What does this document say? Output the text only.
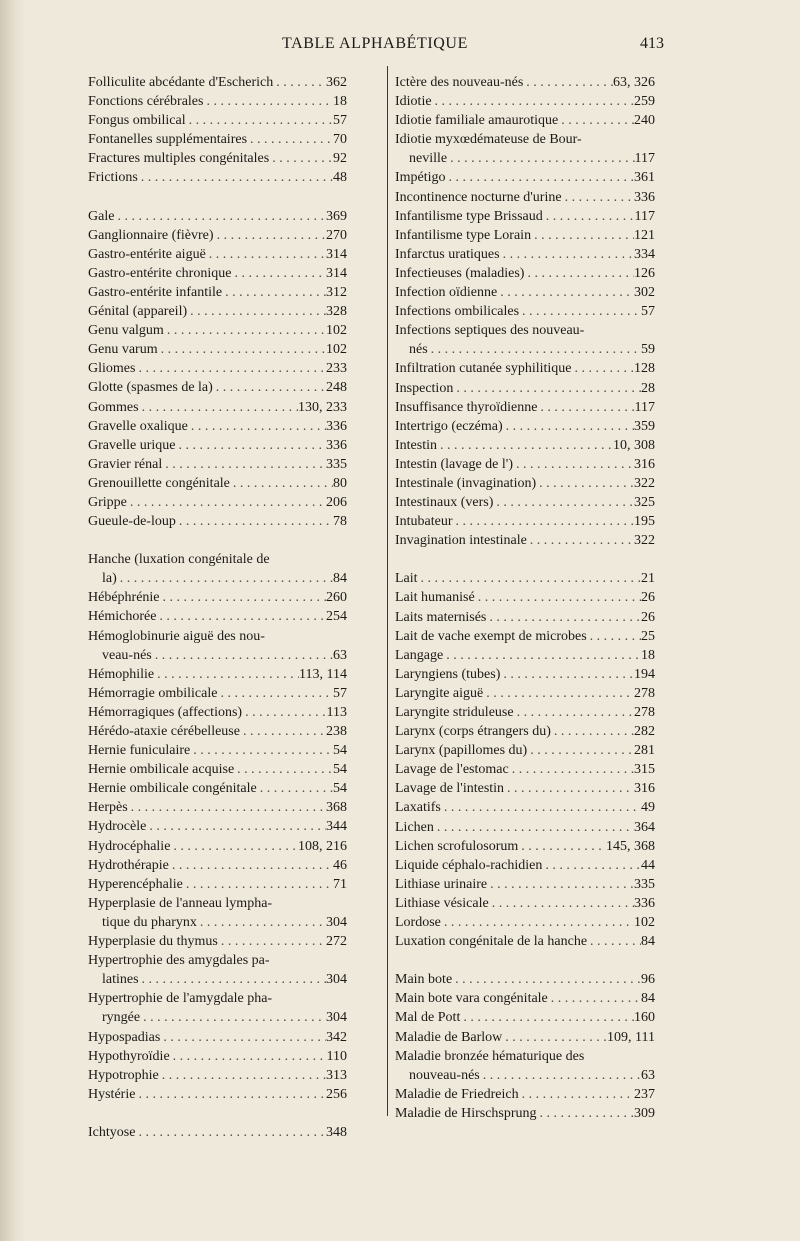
TABLE ALPHABÉTIQUE	413
Folliculite abcédante d'Escherich . . .	362
Fonctions cérébrales . . .	18
Fongus ombilical . . .	57
Fontanelles supplémentaires . . .	70
Fractures multiples congénitales . . .	92
Frictions . . .	48
Gale . . .	369
Ganglionnaire (fièvre) . . .	270
Gastro-entérite aiguë . . .	314
Gastro-entérite chronique . . .	314
Gastro-entérite infantile . . .	312
Génital (appareil) . . .	328
Genu valgum . . .	102
Genu varum . . .	102
Gliomes . . .	233
Glotte (spasmes de la) . . .	248
Gommes . . .	130, 233
Gravelle oxalique . . .	336
Gravelle urique . . .	336
Gravier rénal . . .	335
Grenouillette congénitale . . .	80
Grippe . . .	206
Gueule-de-loup . . .	78
Hanche (luxation congénitale de
la) . . .	84
Hébéphrénie . . .	260
Hémichorée . . .	254
Hémoglobinurie aiguë des nou-
veau-nés . . .	63
Hémophilie . . .	113, 114
Hémorragie ombilicale . . .	57
Hémorragiques (affections) . . .	113
Hérédo-ataxie cérébelleuse . . .	238
Hernie funiculaire . . .	54
Hernie ombilicale acquise . . .	54
Hernie ombilicale congénitale . . .	54
Herpès . . .	368
Hydrocèle . . .	344
Hydrocéphalie . . .	108, 216
Hydrothérapie . . .	46
Hyperencéphalie . . .	71
Hyperplasie de l'anneau lympha-
tique du pharynx . . .	304
Hyperplasie du thymus . . .	272
Hypertrophie des amygdales pa-
latines . . .	304
Hypertrophie de l'amygdale pha-
ryngée . . .	304
Hypospadias . . .	342
Hypothyroïdie . . .	110
Hypotrophie . . .	313
Hystérie . . .	256
Ichtyose . . .	348
Ictère des nouveau-nés . . .	63, 326
Idiotie . . .	259
Idiotie familiale amaurotique . . .	240
Idiotie myxœdémateuse de Bour-
neville . . .	117
Impétigo . . .	361
Incontinence nocturne d'urine . . .	336
Infantilisme type Brissaud . . .	117
Infantilisme type Lorain . . .	121
Infarctus uratiques . . .	334
Infectieuses (maladies) . . .	126
Infection oïdienne . . .	302
Infections ombilicales . . .	57
Infections septiques des nouveau-
nés . . .	59
Infiltration cutanée syphilitique . . .	128
Inspection . . .	28
Insuffisance thyroïdienne . . .	117
Intertrigo (eczéma) . . .	359
Intestin . . .	10, 308
Intestin (lavage de l') . . .	316
Intestinale (invagination) . . .	322
Intestinaux (vers) . . .	325
Intubateur . . .	195
Invagination intestinale . . .	322
Lait . . .	21
Lait humanisé . . .	26
Laits maternisés . . .	26
Lait de vache exempt de microbes . . .	25
Langage . . .	18
Laryngiens (tubes) . . .	194
Laryngite aiguë . . .	278
Laryngite striduleuse . . .	278
Larynx (corps étrangers du) . . .	282
Larynx (papillomes du) . . .	281
Lavage de l'estomac . . .	315
Lavage de l'intestin . . .	316
Laxatifs . . .	49
Lichen . . .	364
Lichen scrofulosorum . . .	145, 368
Liquide céphalo-rachidien . . .	44
Lithiase urinaire . . .	335
Lithiase vésicale . . .	336
Lordose . . .	102
Luxation congénitale de la hanche . . .	84
Main bote . . .	96
Main bote vara congénitale . . .	84
Mal de Pott . . .	160
Maladie de Barlow . . .	109, 111
Maladie bronzée hématurique des
nouveau-nés . . .	63
Maladie de Friedreich . . .	237
Maladie de Hirschsprung . . .	309
